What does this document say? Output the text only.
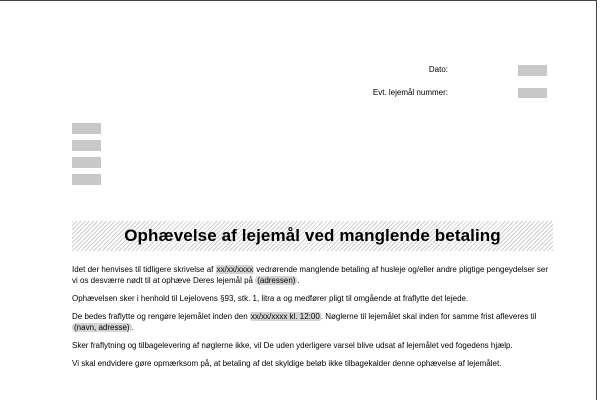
Dato:
Evt. lejemål nummer:
Ophævelse af lejemål ved manglende betaling

Idet der henvises til tidligere skrivelse af xx/xx/xxxx vedrørende manglende betaling af husleje og/eller andre pligtige pengeydelser ser vi os desværre nødt til at ophæve Deres lejemål på (adressen) .

Ophævelsen sker i henhold til Lejelovens §93, stk. 1, litra a og medfører pligt til omgående at fraflytte det lejede.

De bedes fraflytte og rengøre lejemålet inden den xx/xx/xxxx kl. 12:00. Nøglerne til lejemålet skal inden for samme frist afleveres til (navn, adresse) .

Sker fraflytning og tilbagelevering af nøglerne ikke, vil De uden yderligere varsel blive udsat af lejemålet ved fogedens hjælp.

Vi skal endvidere gøre opmærksom på, at betaling af det skyldige beløb ikke tilbagekalder denne ophævelse af lejemålet.
